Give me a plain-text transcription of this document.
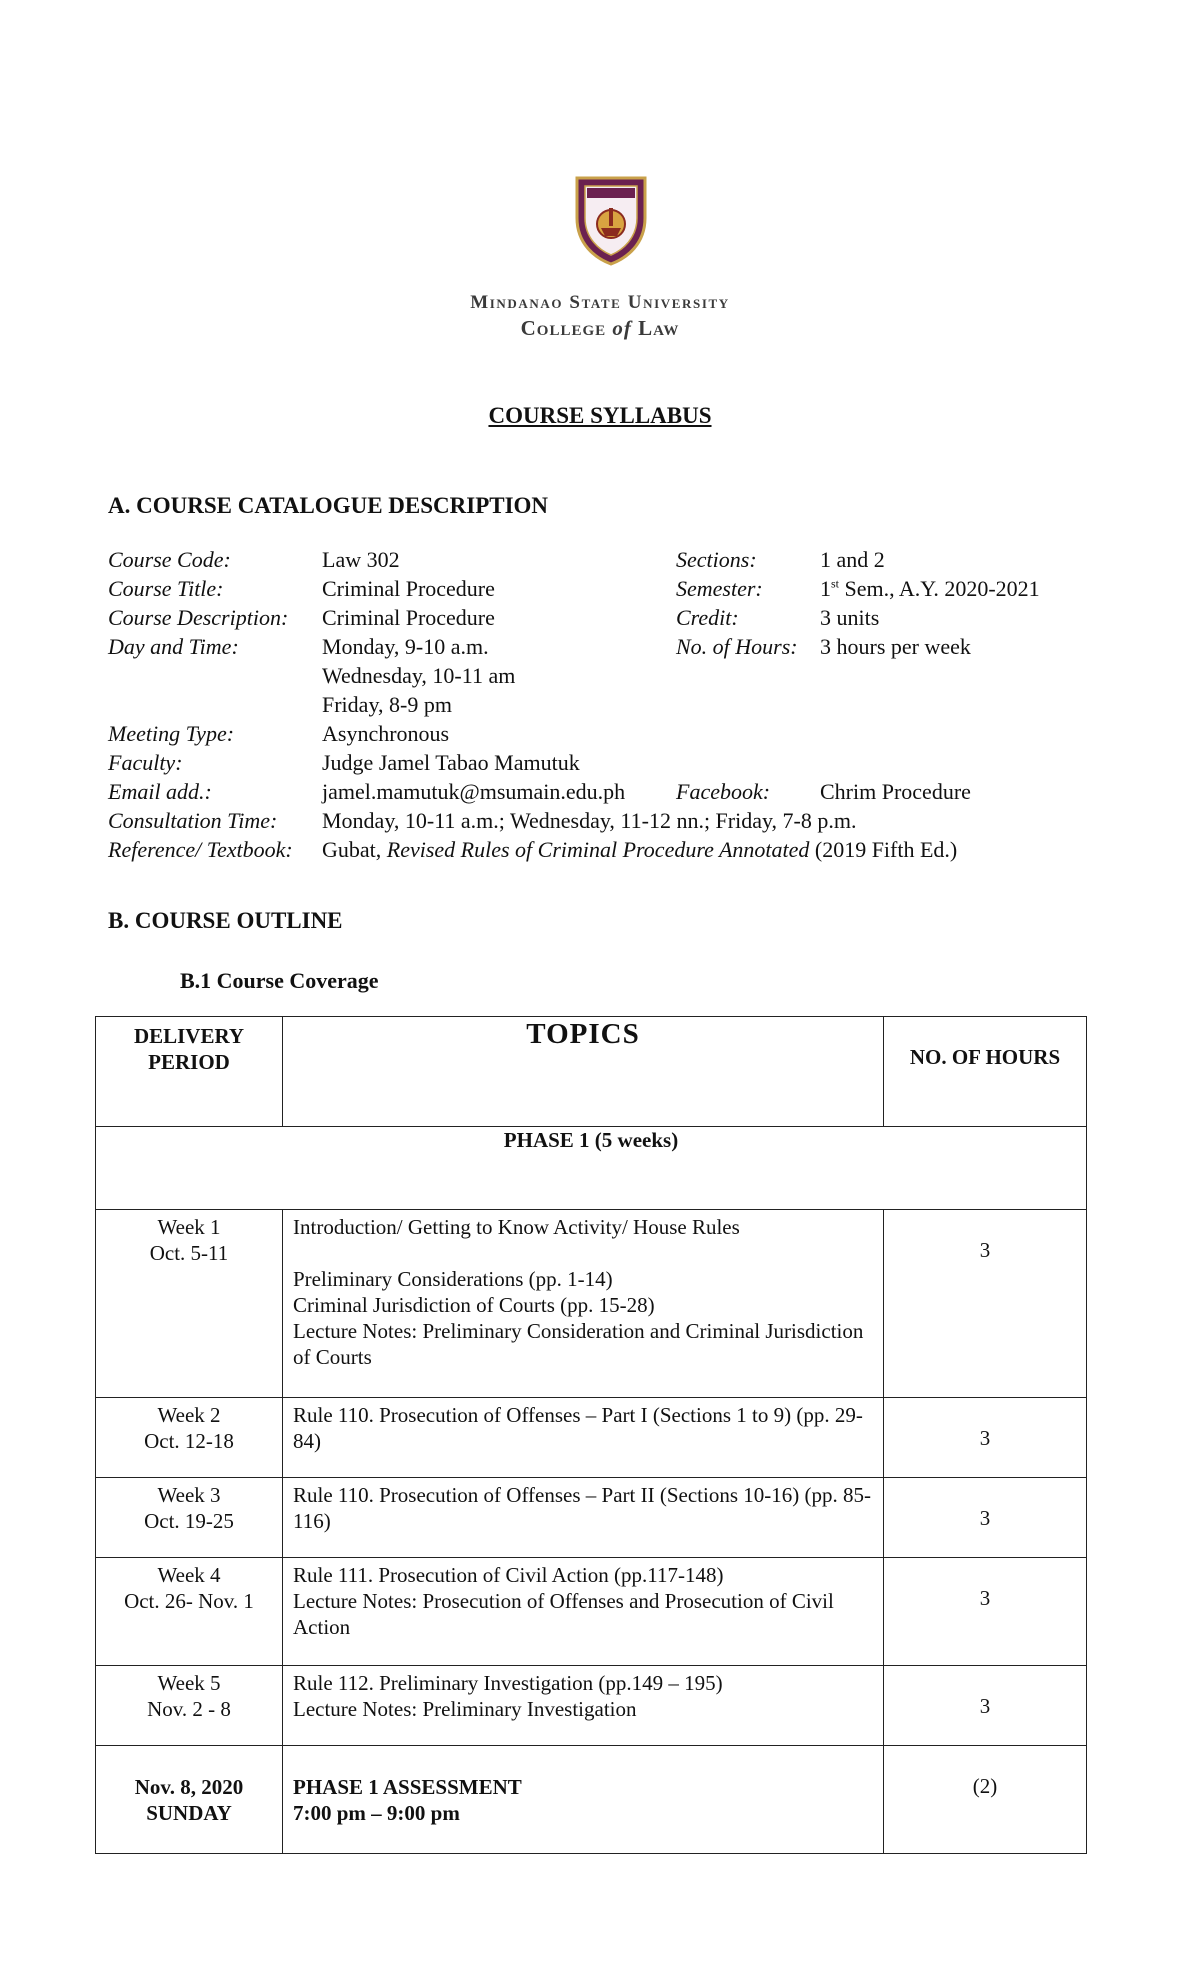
Mindanao State University
College of Law
COURSE SYLLABUS
A. COURSE CATALOGUE DESCRIPTION
Course Code:	Law 302	Sections:	1 and 2
Course Title:	Criminal Procedure	Semester:	1st Sem., A.Y. 2020-2021
Course Description: Criminal Procedure	Credit:	3 units
Day and Time:	Monday, 9-10 a.m.	No. of Hours: 3 hours per week
Wednesday, 10-11 am
Friday, 8-9 pm
Meeting Type:	Asynchronous
Faculty:	Judge Jamel Tabao Mamutuk
Email add.:	jamel.mamutuk@msumain.edu.ph Facebook: Chrim Procedure
Consultation Time: Monday, 10-11 a.m.; Wednesday, 11-12 nn.; Friday, 7-8 p.m.
Reference/ Textbook: Gubat, Revised Rules of Criminal Procedure Annotated (2019 Fifth Ed.)
B. COURSE OUTLINE
B.1 Course Coverage
DELIVERY
PERIOD	TOPICS	NO. OF HOURS
PHASE 1 (5 weeks)		
Week 1
Oct. 5-11	Introduction/ Getting to Know Activity/ House Rules
Preliminary Considerations (pp. 1-14)
Criminal Jurisdiction of Courts (pp. 15-28)
Lecture Notes: Preliminary Consideration and Criminal Jurisdiction of Courts	3
Week 2
Oct. 12-18	Rule 110. Prosecution of Offenses – Part I (Sections 1 to 9) (pp. 29-84)	3
Week 3
Oct. 19-25	Rule 110. Prosecution of Offenses – Part II (Sections 10-16) (pp. 85-116)	3
Week 4
Oct. 26- Nov. 1	Rule 111. Prosecution of Civil Action (pp.117-148)
Lecture Notes: Prosecution of Offenses and Prosecution of Civil Action	3
Week 5
Nov. 2 - 8	Rule 112. Preliminary Investigation (pp.149 – 195)
Lecture Notes: Preliminary Investigation	3
Nov. 8, 2020
SUNDAY	PHASE 1 ASSESSMENT
7:00 pm – 9:00 pm	(2)
